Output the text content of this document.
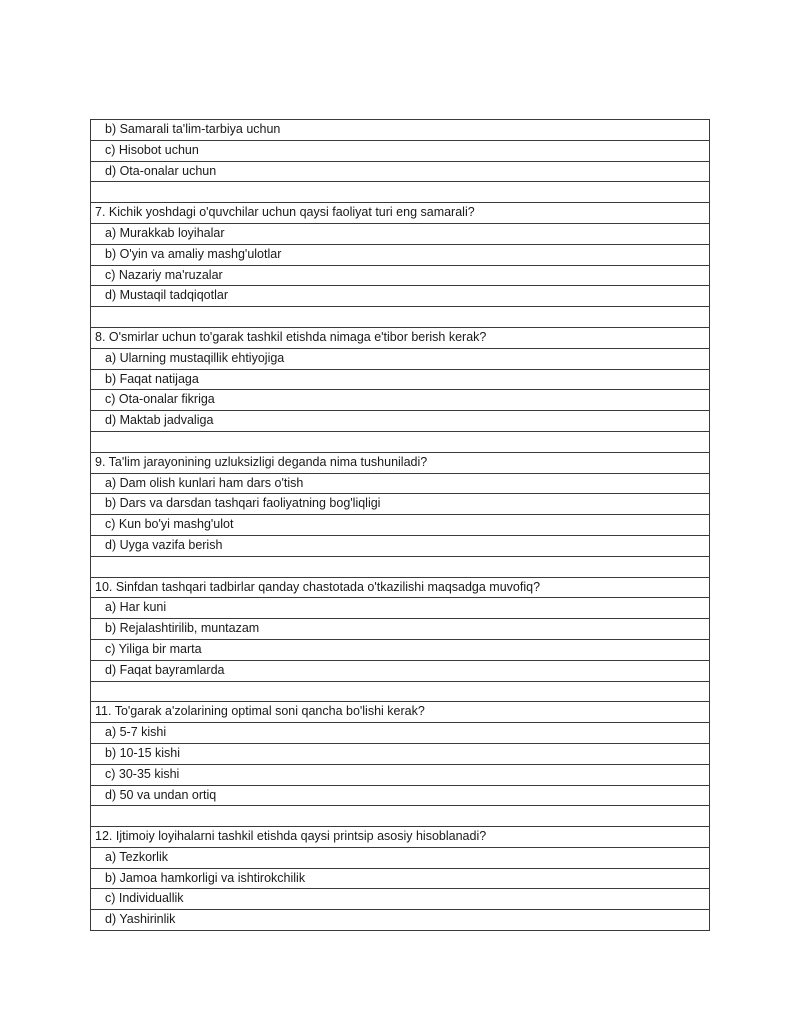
b) Samarali ta'lim-tarbiya uchun
c) Hisobot uchun
d) Ota-onalar uchun

7. Kichik yoshdagi o'quvchilar uchun qaysi faoliyat turi eng samarali?
a) Murakkab loyihalar
b) O'yin va amaliy mashg'ulotlar
c) Nazariy ma'ruzalar
d) Mustaqil tadqiqotlar

8. O'smirlar uchun to'garak tashkil etishda nimaga e'tibor berish kerak?
a) Ularning mustaqillik ehtiyojiga
b) Faqat natijaga
c) Ota-onalar fikriga
d) Maktab jadvaliga

9. Ta'lim jarayonining uzluksizligi deganda nima tushuniladi?
a) Dam olish kunlari ham dars o'tish
b) Dars va darsdan tashqari faoliyatning bog'liqligi
c) Kun bo'yi mashg'ulot
d) Uyga vazifa berish

10. Sinfdan tashqari tadbirlar qanday chastotada o'tkazilishi maqsadga muvofiq?
a) Har kuni
b) Rejalashtirilib, muntazam
c) Yiliga bir marta
d) Faqat bayramlarda

11. To'garak a'zolarining optimal soni qancha bo'lishi kerak?
a) 5-7 kishi
b) 10-15 kishi
c) 30-35 kishi
d) 50 va undan ortiq

12. Ijtimoiy loyihalarni tashkil etishda qaysi printsip asosiy hisoblanadi?
a) Tezkorlik
b) Jamoa hamkorligi va ishtirokchilik
c) Individuallik
d) Yashirinlik
